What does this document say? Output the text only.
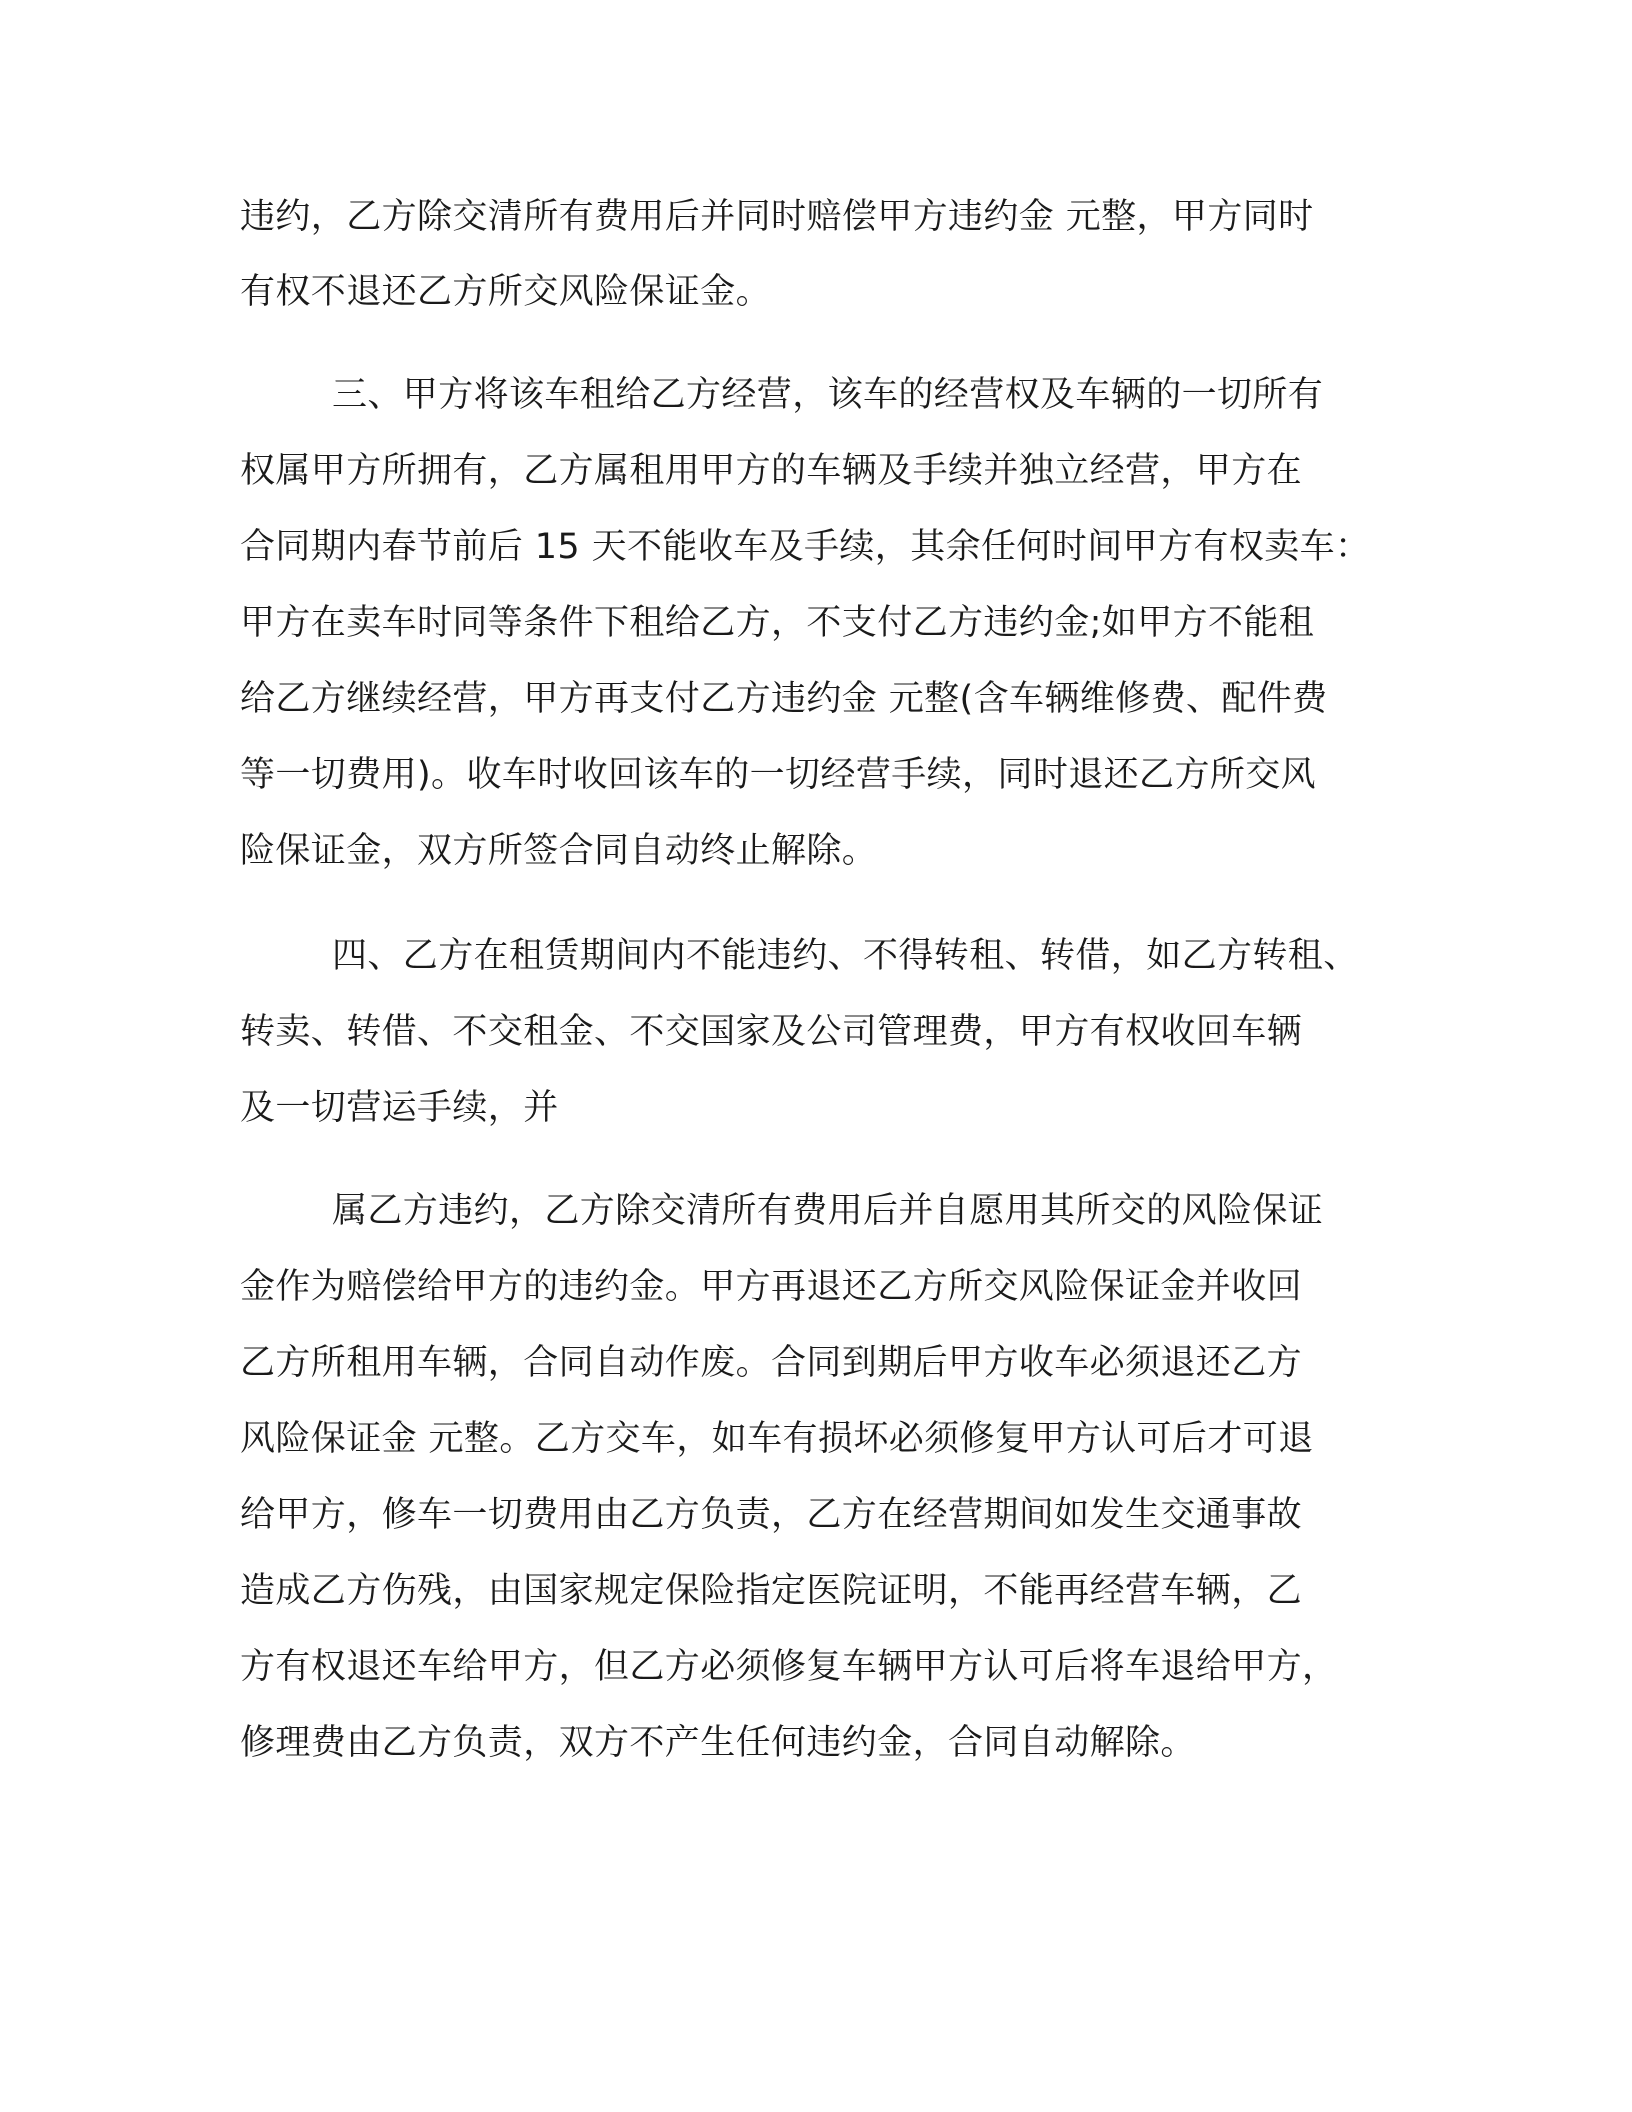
违约，乙方除交清所有费用后并同时赔偿甲方违约金 元整，甲方同时
有权不退还乙方所交风险保证金。
三、甲方将该车租给乙方经营，该车的经营权及车辆的一切所有
权属甲方所拥有，乙方属租用甲方的车辆及手续并独立经营，甲方在
合同期内春节前后 15 天不能收车及手续，其余任何时间甲方有权卖车：
甲方在卖车时同等条件下租给乙方，不支付乙方违约金;如甲方不能租
给乙方继续经营，甲方再支付乙方违约金 元整(含车辆维修费、配件费
等一切费用)。收车时收回该车的一切经营手续，同时退还乙方所交风
险保证金，双方所签合同自动终止解除。
四、乙方在租赁期间内不能违约、不得转租、转借，如乙方转租、
转卖、转借、不交租金、不交国家及公司管理费，甲方有权收回车辆
及一切营运手续，并
属乙方违约，乙方除交清所有费用后并自愿用其所交的风险保证
金作为赔偿给甲方的违约金。甲方再退还乙方所交风险保证金并收回
乙方所租用车辆，合同自动作废。合同到期后甲方收车必须退还乙方
风险保证金 元整。乙方交车，如车有损坏必须修复甲方认可后才可退
给甲方，修车一切费用由乙方负责，乙方在经营期间如发生交通事故
造成乙方伤残，由国家规定保险指定医院证明，不能再经营车辆，乙
方有权退还车给甲方，但乙方必须修复车辆甲方认可后将车退给甲方，
修理费由乙方负责，双方不产生任何违约金，合同自动解除。
